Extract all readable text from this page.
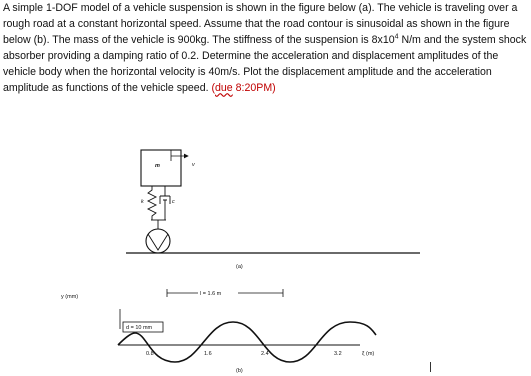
A simple 1-DOF model of a vehicle suspension is shown in the figure below (a). The vehicle is traveling over a rough road at a constant horizontal speed. Assume that the road contour is sinusoidal as shown in the figure below (b). The mass of the vehicle is 900kg. The stiffness of the suspension is $8x10^4$ N/m and the system shock absorber providing a damping ratio of 0.2. Determine the acceleration and displacement amplitudes of the vehicle body when the horizontal velocity is 40m/s. Plot the displacement amplitude and the acceleration amplitude as functions of the vehicle speed. (due 8:20PM)

m	v
k	c
(a)
y (mm)	l = 1.6 m
d = 10 mm
0.8	1.6	2.4	3.2	ξ (m)
(b)
